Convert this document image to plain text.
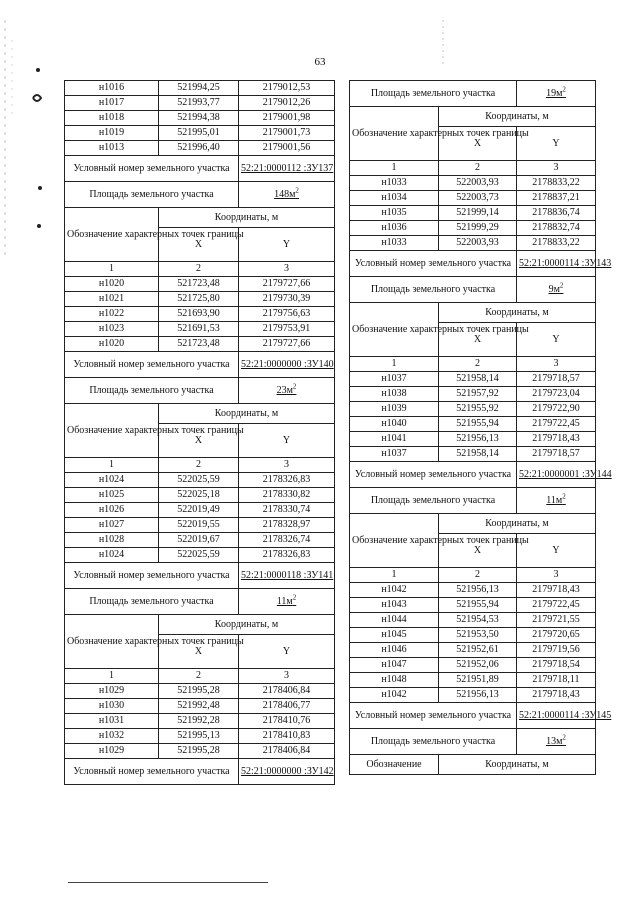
63
н1016	521994,25	2179012,53
н1017	521993,77	2179012,26
н1018	521994,38	2179001,98
н1019	521995,01	2179001,73
н1013	521996,40	2179001,56
Условный номер земельного участка		52:21:0000112 :ЗУ137
Площадь земельного участка		$148м^2$
Обозначение характерных точек границы	Координаты, м	
	X	Y
1	2	3
н1020	521723,48	2179727,66
н1021	521725,80	2179730,39
н1022	521693,90	2179756,63
н1023	521691,53	2179753,91
н1020	521723,48	2179727,66
Условный номер земельного участка		52:21:0000000 :ЗУ140
Площадь земельного участка		$23м^2$
Обозначение характерных точек границы	Координаты, м	
	X	Y
1	2	3
н1024	522025,59	2178326,83
н1025	522025,18	2178330,82
н1026	522019,49	2178330,74
н1027	522019,55	2178328,97
н1028	522019,67	2178326,74
н1024	522025,59	2178326,83
Условный номер земельного участка		52:21:0000118 :ЗУ141
Площадь земельного участка		$11м^2$
Обозначение характерных точек границы	Координаты, м	
	X	Y
1	2	3
н1029	521995,28	2178406,84
н1030	521992,48	2178406,77
н1031	521992,28	2178410,76
н1032	521995,13	2178410,83
н1029	521995,28	2178406,84
Условный номер земельного участка		52:21:0000000 :ЗУ142
Площадь земельного участка		$19м^2$
Обозначение характерных точек границы	Координаты, м	
	X	Y
1	2	3
н1033	522003,93	2178833,22
н1034	522003,73	2178837,21
н1035	521999,14	2178836,74
н1036	521999,29	2178832,74
н1033	522003,93	2178833,22
Условный номер земельного участка		52:21:0000114 :ЗУ143
Площадь земельного участка		$9м^2$
Обозначение характерных точек границы	Координаты, м	
	X	Y
1	2	3
н1037	521958,14	2179718,57
н1038	521957,92	2179723,04
н1039	521955,92	2179722,90
н1040	521955,94	2179722,45
н1041	521956,13	2179718,43
н1037	521958,14	2179718,57
Условный номер земельного участка		52:21:0000001 :ЗУ144
Площадь земельного участка		$11м^2$
Обозначение характерных точек границы	Координаты, м	
	X	Y
1	2	3
н1042	521956,13	2179718,43
н1043	521955,94	2179722,45
н1044	521954,53	2179721,55
н1045	521953,50	2179720,65
н1046	521952,61	2179719,56
н1047	521952,06	2179718,54
н1048	521951,89	2179718,11
н1042	521956,13	2179718,43
Условный номер земельного участка		52:21:0000114 :ЗУ145
Площадь земельного участка		$13м^2$
Обозначение	Координаты, м	
